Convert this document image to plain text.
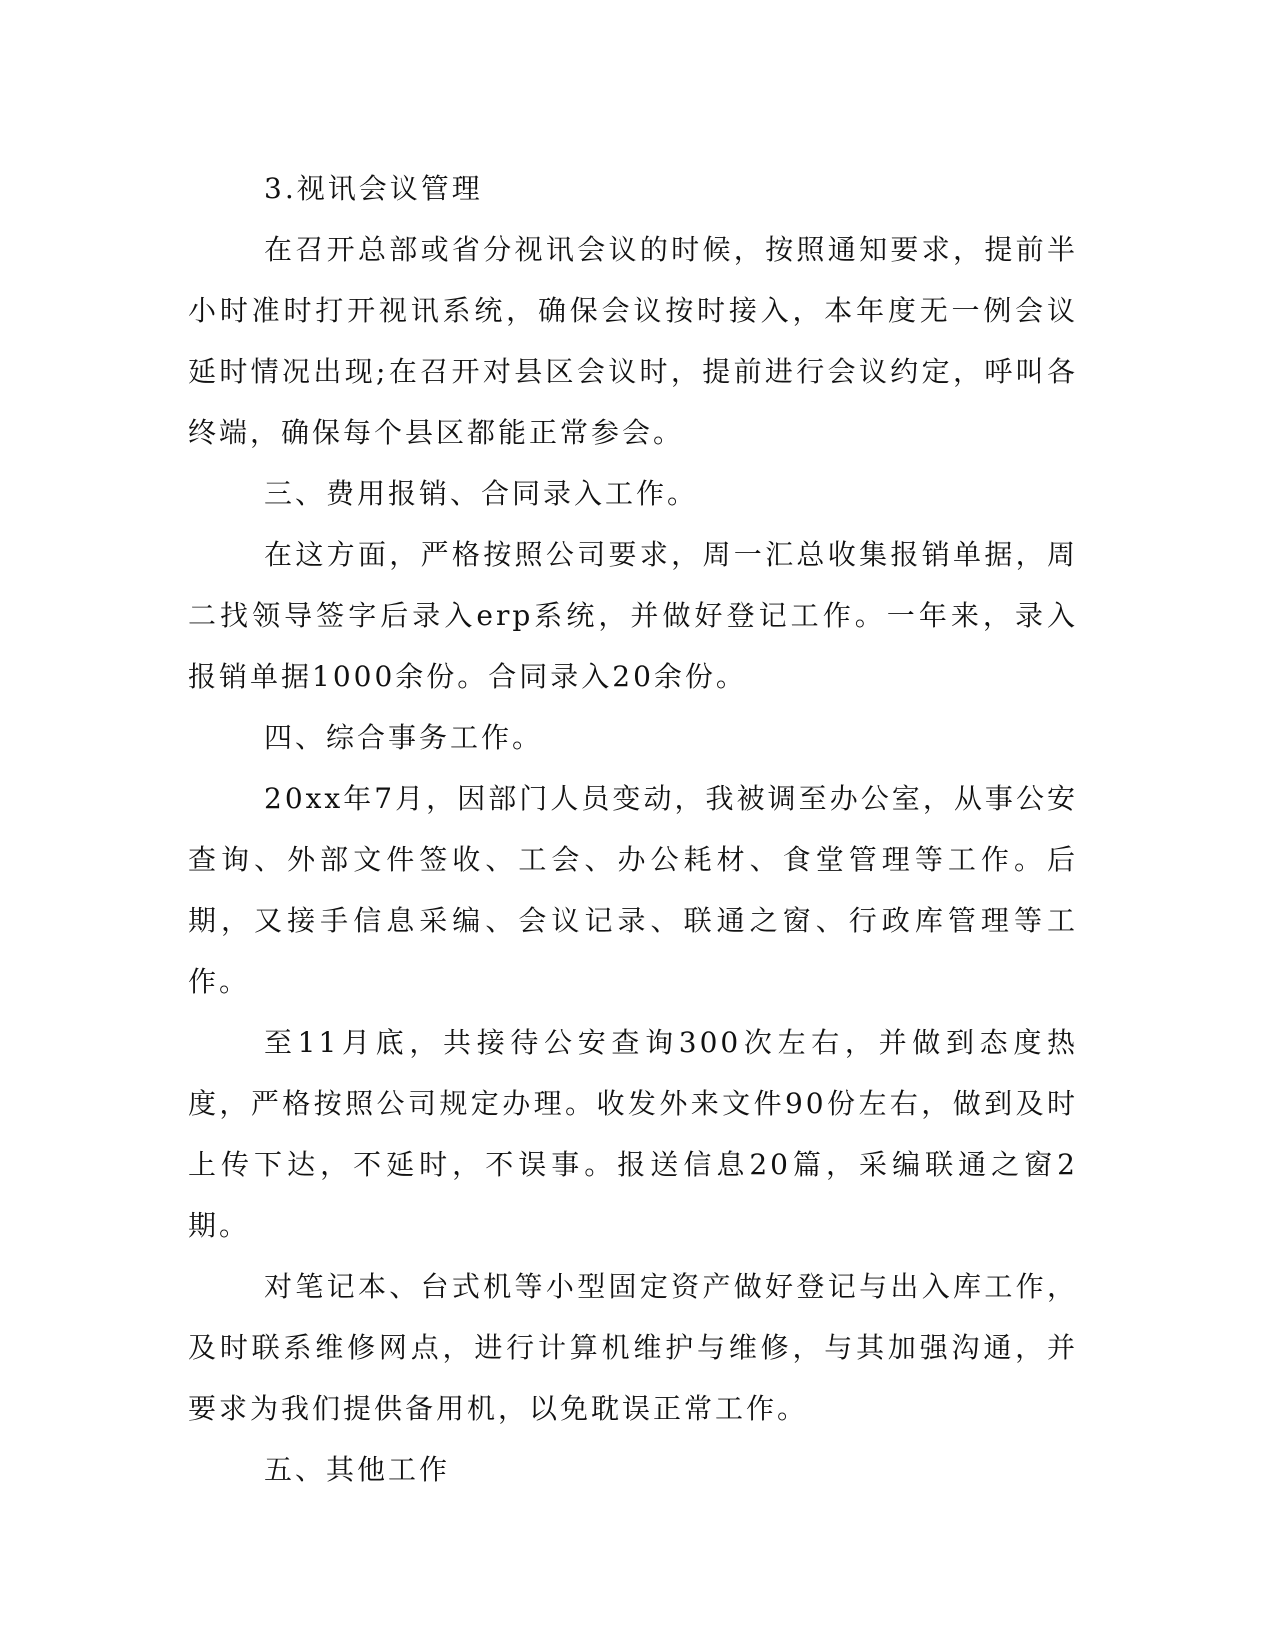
3.视讯会议管理

在召开总部或省分视讯会议的时候，按照通知要求，提前半小时准时打开视讯系统，确保会议按时接入，本年度无一例会议延时情况出现;在召开对县区会议时，提前进行会议约定，呼叫各终端，确保每个县区都能正常参会。

三、费用报销、合同录入工作。

在这方面，严格按照公司要求，周一汇总收集报销单据，周二找领导签字后录入erp系统，并做好登记工作。一年来，录入报销单据1000余份。合同录入20余份。

四、综合事务工作。

20xx年7月，因部门人员变动，我被调至办公室，从事公安查询、外部文件签收、工会、办公耗材、食堂管理等工作。后期，又接手信息采编、会议记录、联通之窗、行政库管理等工作。

至11月底，共接待公安查询300次左右，并做到态度热度，严格按照公司规定办理。收发外来文件90份左右，做到及时上传下达，不延时，不误事。报送信息20篇，采编联通之窗2期。

对笔记本、台式机等小型固定资产做好登记与出入库工作，及时联系维修网点，进行计算机维护与维修，与其加强沟通，并要求为我们提供备用机，以免耽误正常工作。

五、其他工作
